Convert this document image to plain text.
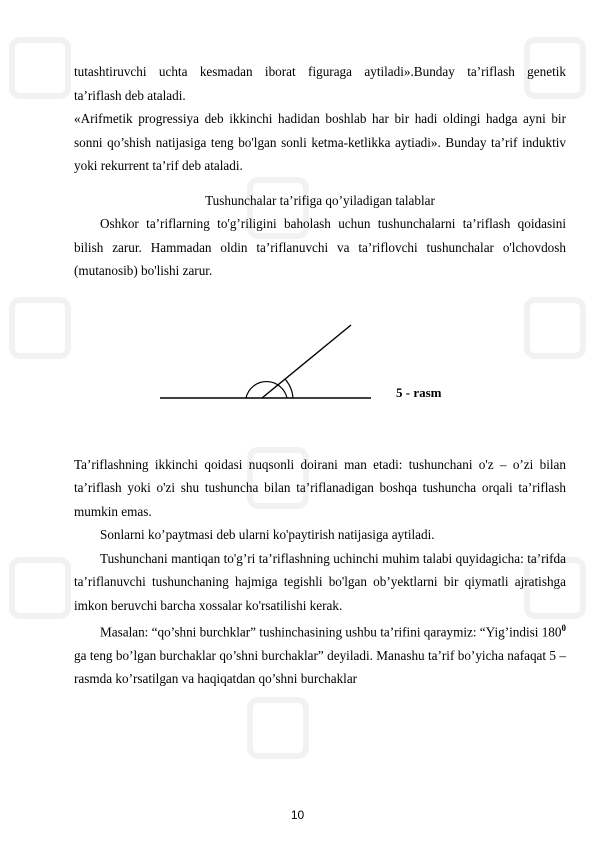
tutashtiruvchi uchta kesmadan iborat figuraga aytiladi».Bunday ta’riflash genetik

ta’riflash deb ataladi.

«Arifmetik progressiya deb ikkinchi hadidan boshlab har bir hadi oldingi hadga ayni bir sonni qo’shish natijasiga teng bo'lgan sonli ketma-ketlikka aytiadi». Bunday ta’rif induktiv yoki rekurrent ta’rif deb ataladi.

Tushunchalar ta’rifiga qo’yiladigan talablar

Oshkor ta’riflarning to'g’riligini baholash uchun tushunchalarni ta’riflash qoidasini bilish zarur. Hammadan oldin ta’riflanuvchi va ta’riflovchi tushunchalar o'lchovdosh (mutanosib) bo'lishi zarur.

5 - rasm

Ta’riflashning ikkinchi qoidasi nuqsonli doirani man etadi: tushunchani o'z – o’zi bilan ta’riflash yoki o'zi shu tushuncha bilan ta’riflanadigan boshqa tushuncha orqali ta’riflash mumkin emas.

Sonlarni ko’paytmasi deb ularni ko'paytirish natijasiga aytiladi.

Tushunchani mantiqan to'g’ri ta’riflashning uchinchi muhim talabi quyidagicha: ta’rifda ta’riflanuvchi tushunchaning hajmiga tegishli bo'lgan ob’yektlarni bir qiymatli ajratishga imkon beruvchi barcha xossalar ko'rsatilishi kerak.

Masalan: “qo’shni burchklar” tushinchasining ushbu ta’rifini qaraymiz: “Yig’indisi $180^0$ ga teng bo’lgan burchaklar qo’shni burchaklar” deyiladi. Manashu ta’rif bo’yicha nafaqat 5 – rasmda ko’rsatilgan va haqiqatdan qo’shni burchaklar

10
